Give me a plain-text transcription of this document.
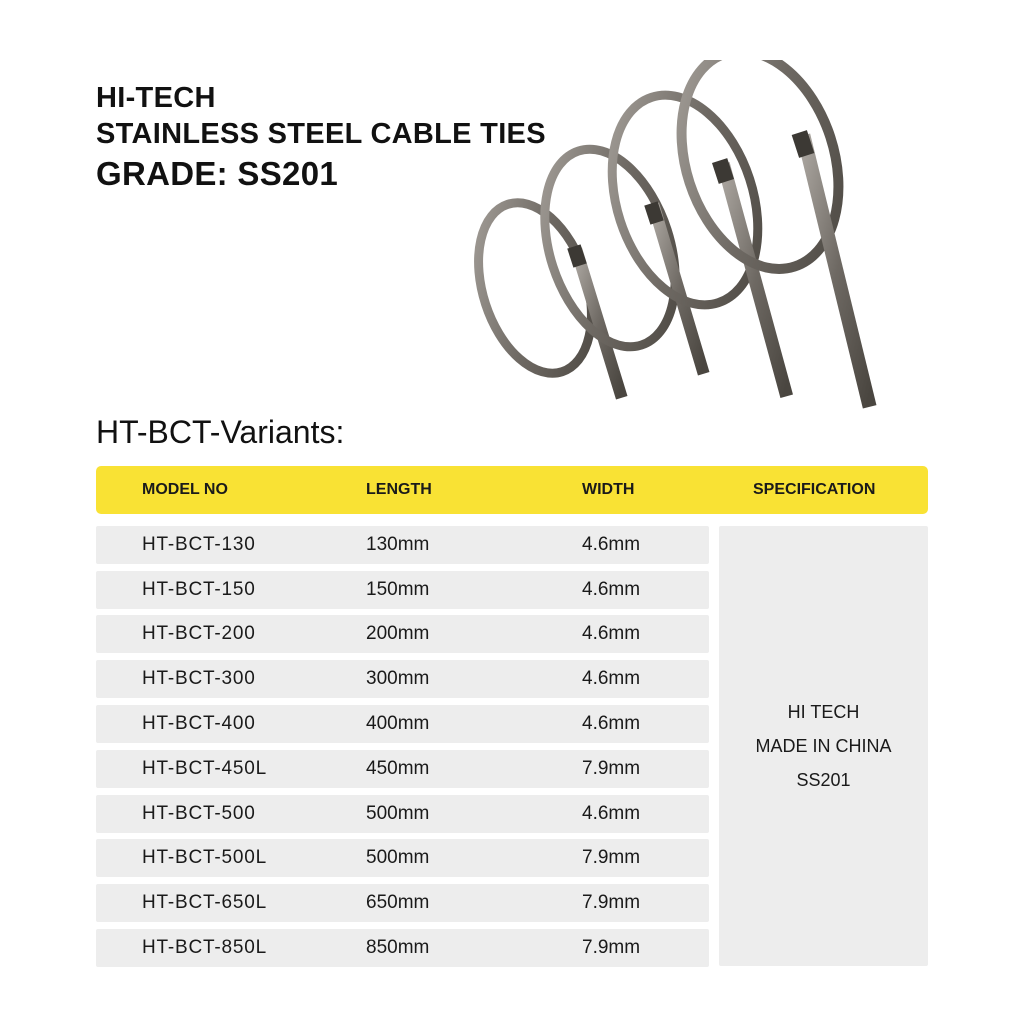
HI-TECH
STAINLESS STEEL CABLE TIES
GRADE: SS201
HT-BCT-Variants:
MODEL NO	LENGTH	WIDTH	SPECIFICATION
HT-BCT-130	130mm	4.6mm
HT-BCT-150	150mm	4.6mm
HT-BCT-200	200mm	4.6mm
HT-BCT-300	300mm	4.6mm
HT-BCT-400	400mm	4.6mm
HT-BCT-450L	450mm	7.9mm
HT-BCT-500	500mm	4.6mm
HT-BCT-500L	500mm	7.9mm
HT-BCT-650L	650mm	7.9mm
HT-BCT-850L	850mm	7.9mm
HI TECH
MADE IN CHINA
SS201
